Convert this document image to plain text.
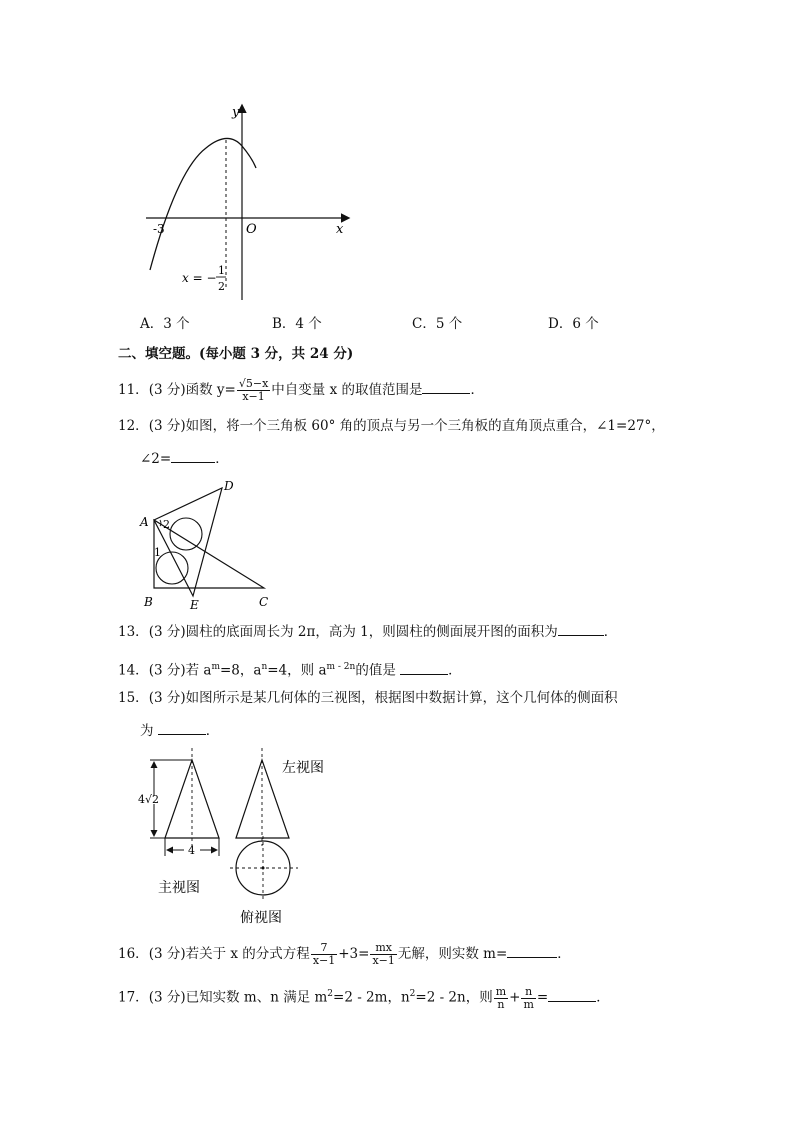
y
x
O
-3
x = −
1
2
A．3 个	B．4 个	C．5 个	D．6 个
二、填空题。(每小题 3 分，共 24 分)
11．(3 分)函数 $y= \frac{√5-x}{x-1}$ 中自变量 x 的取值范围是	．
12．(3 分)如图，将一个三角板 60° 角的顶点与另一个三角板的直角顶点重合，∠1=27°，
∠2=	．
A
B	C
D
E
1
2
13．(3 分)圆柱的底面周长为 2π，高为 1，则圆柱的侧面展开图的面积为	．
14．(3 分)若 $a^m=8$，$a^n=4$，则 $a^{m - 2n}$的值是	．
15．(3 分)如图所示是某几何体的三视图，根据图中数据计算，这个几何体的侧面积
为	．
4√2
4
主视图
左视图
俯视图
16．(3 分)若关于 x 的分式方程 $\frac{7}{x-1} +3= \frac{mx}{x-1}$ 无解，则实数 m=	．
17．(3 分)已知实数 m、n 满足 $m^2=2 - 2m$，$n^2=2 - 2n$，则 $\frac{m}{n} + \frac{n}{m}$ =	．
